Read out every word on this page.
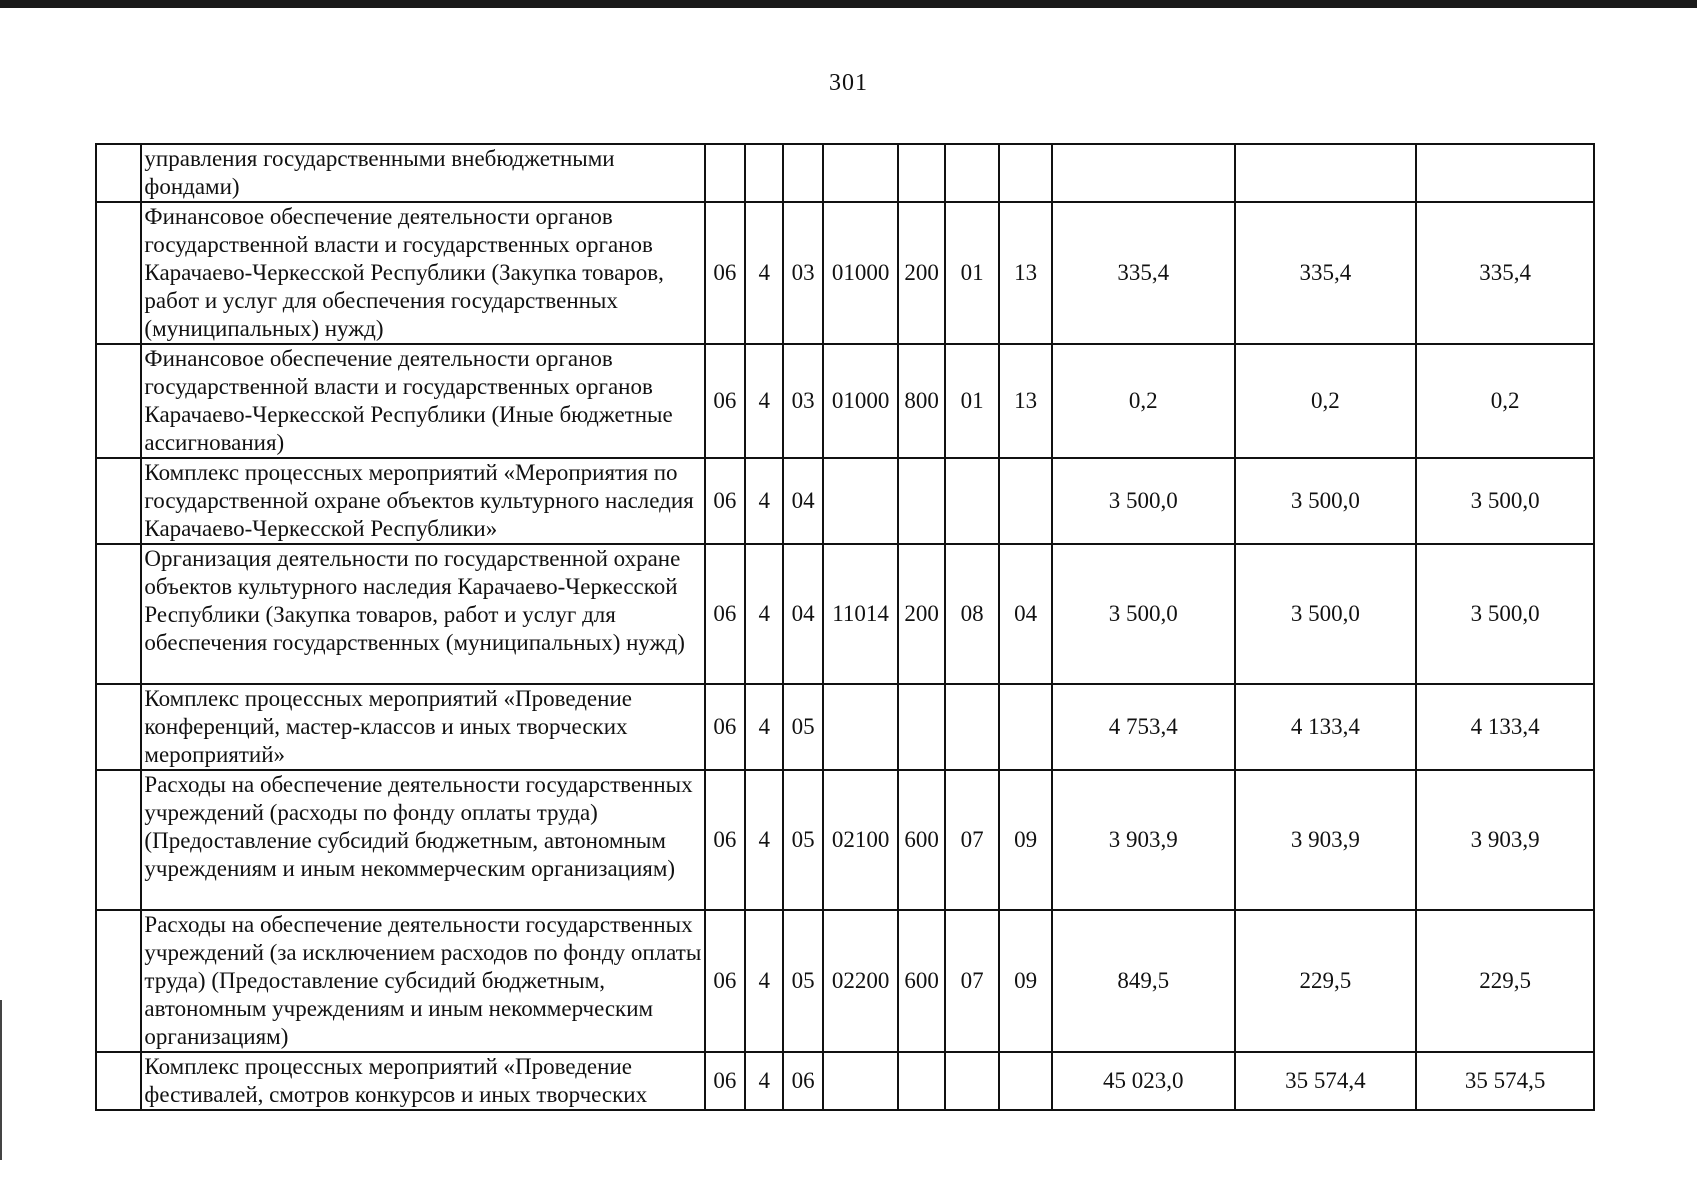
301
	управления государственными внебюджетными фондами)										
	Финансовое обеспечение деятельности органов государственной власти и государственных органов Карачаево-Черкесской Республики (Закупка товаров, работ и услуг для обеспечения государственных (муниципальных) нужд)	06	4	03	01000	200	01	13	335,4	335,4	335,4
	Финансовое обеспечение деятельности органов государственной власти и государственных органов Карачаево-Черкесской Республики (Иные бюджетные ассигнования)	06	4	03	01000	800	01	13	0,2	0,2	0,2
	Комплекс процессных мероприятий «Мероприятия по государственной охране объектов культурного наследия Карачаево-Черкесской Республики»	06	4	04					3 500,0	3 500,0	3 500,0
	Организация деятельности по государственной охране объектов культурного наследия Карачаево-Черкесской Республики (Закупка товаров, работ и услуг для обеспечения государственных (муниципальных) нужд)	06	4	04	11014	200	08	04	3 500,0	3 500,0	3 500,0
	Комплекс процессных мероприятий «Проведение конференций, мастер-классов и иных творческих мероприятий»	06	4	05					4 753,4	4 133,4	4 133,4
	Расходы на обеспечение деятельности государственных учреждений (расходы по фонду оплаты труда) (Предоставление субсидий бюджетным, автономным учреждениям и иным некоммерческим организациям)	06	4	05	02100	600	07	09	3 903,9	3 903,9	3 903,9
	Расходы на обеспечение деятельности государственных учреждений (за исключением расходов по фонду оплаты труда) (Предоставление субсидий бюджетным, автономным учреждениям и иным некоммерческим организациям)	06	4	05	02200	600	07	09	849,5	229,5	229,5
	Комплекс процессных мероприятий «Проведение фестивалей, смотров конкурсов и иных творческих	06	4	06					45 023,0	35 574,4	35 574,5
